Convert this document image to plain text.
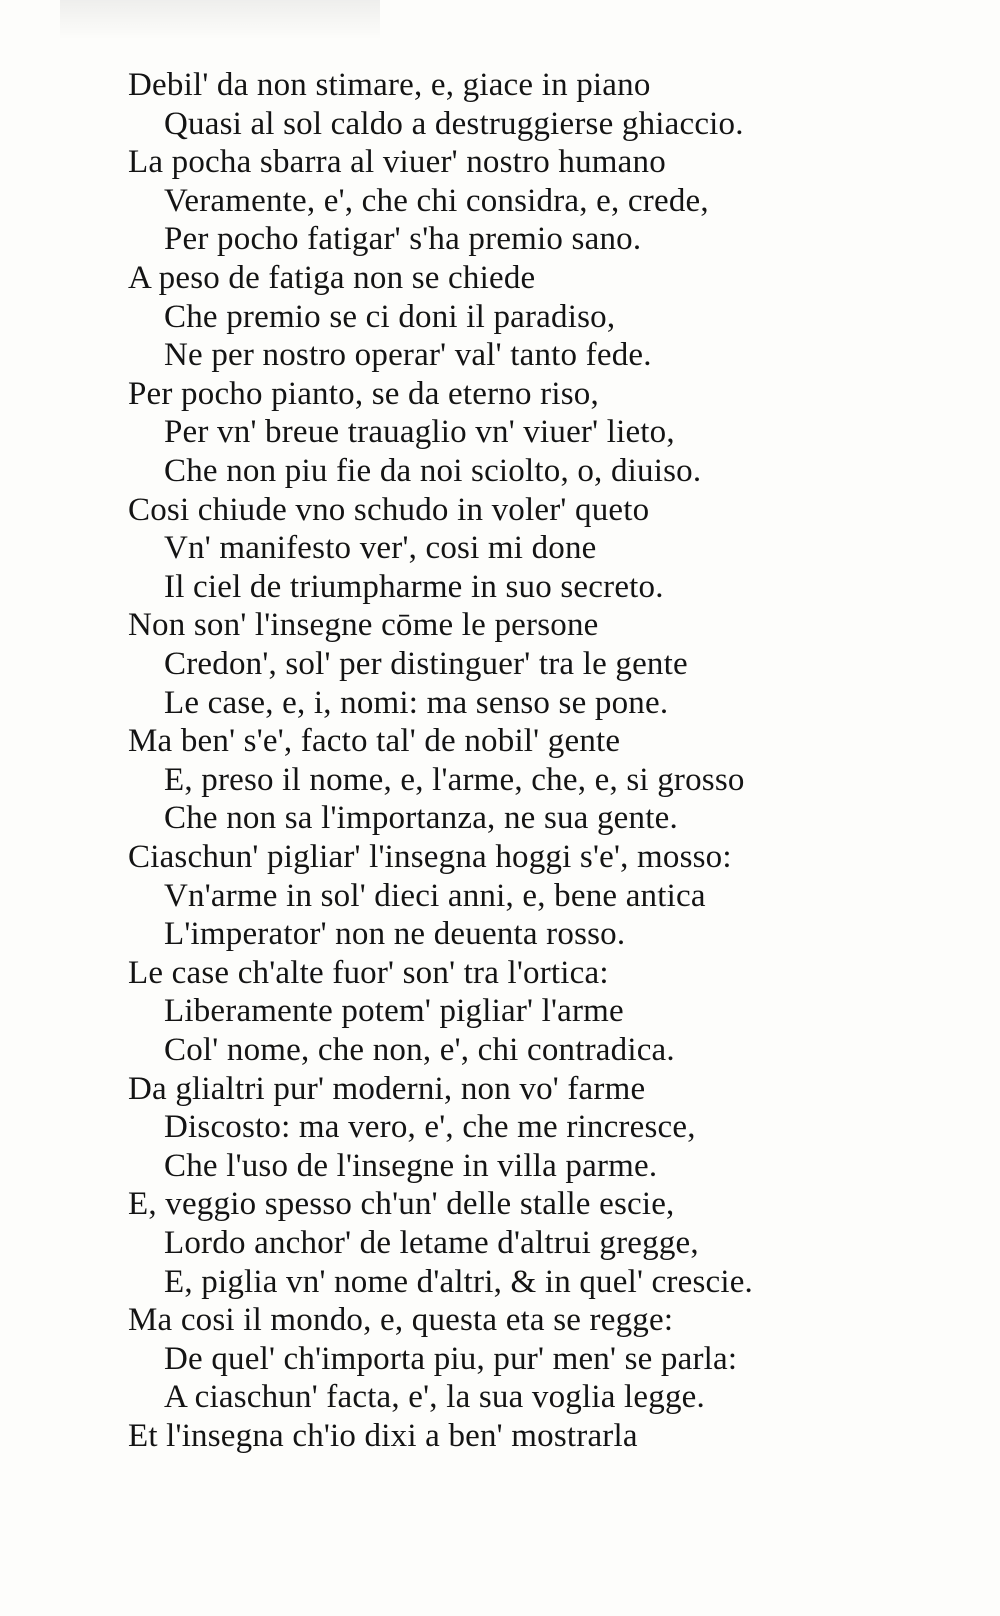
Debil' da non stimare, e, giace in piano
Quasi al sol caldo a destruggierse ghiaccio.
La pocha sbarra al viuer' nostro humano
Veramente, e', che chi considra, e, crede,
Per pocho fatigar' s'ha premio sano.
A peso de fatiga non se chiede
Che premio se ci doni il paradiso,
Ne per nostro operar' val' tanto fede.
Per pocho pianto, se da eterno riso,
Per vn' breue trauaglio vn' viuer' lieto,
Che non piu fie da noi sciolto, o, diuiso.
Cosi chiude vno schudo in voler' queto
Vn' manifesto ver', cosi mi done
Il ciel de triumpharme in suo secreto.
Non son' l'insegne cōme le persone
Credon', sol' per distinguer' tra le gente
Le case, e, i, nomi: ma senso se pone.
Ma ben' s'e', facto tal' de nobil' gente
E, preso il nome, e, l'arme, che, e, si grosso
Che non sa l'importanza, ne sua gente.
Ciaschun' pigliar' l'insegna hoggi s'e', mosso:
Vn'arme in sol' dieci anni, e, bene antica
L'imperator' non ne deuenta rosso.
Le case ch'alte fuor' son' tra l'ortica:
Liberamente potem' pigliar' l'arme
Col' nome, che non, e', chi contradica.
Da glialtri pur' moderni, non vo' farme
Discosto: ma vero, e', che me rincresce,
Che l'uso de l'insegne in villa parme.
E, veggio spesso ch'un' delle stalle escie,
Lordo anchor' de letame d'altrui gregge,
E, piglia vn' nome d'altri, & in quel' crescie.
Ma cosi il mondo, e, questa eta se regge:
De quel' ch'importa piu, pur' men' se parla:
A ciaschun' facta, e', la sua voglia legge.
Et l'insegna ch'io dixi a ben' mostrarla
